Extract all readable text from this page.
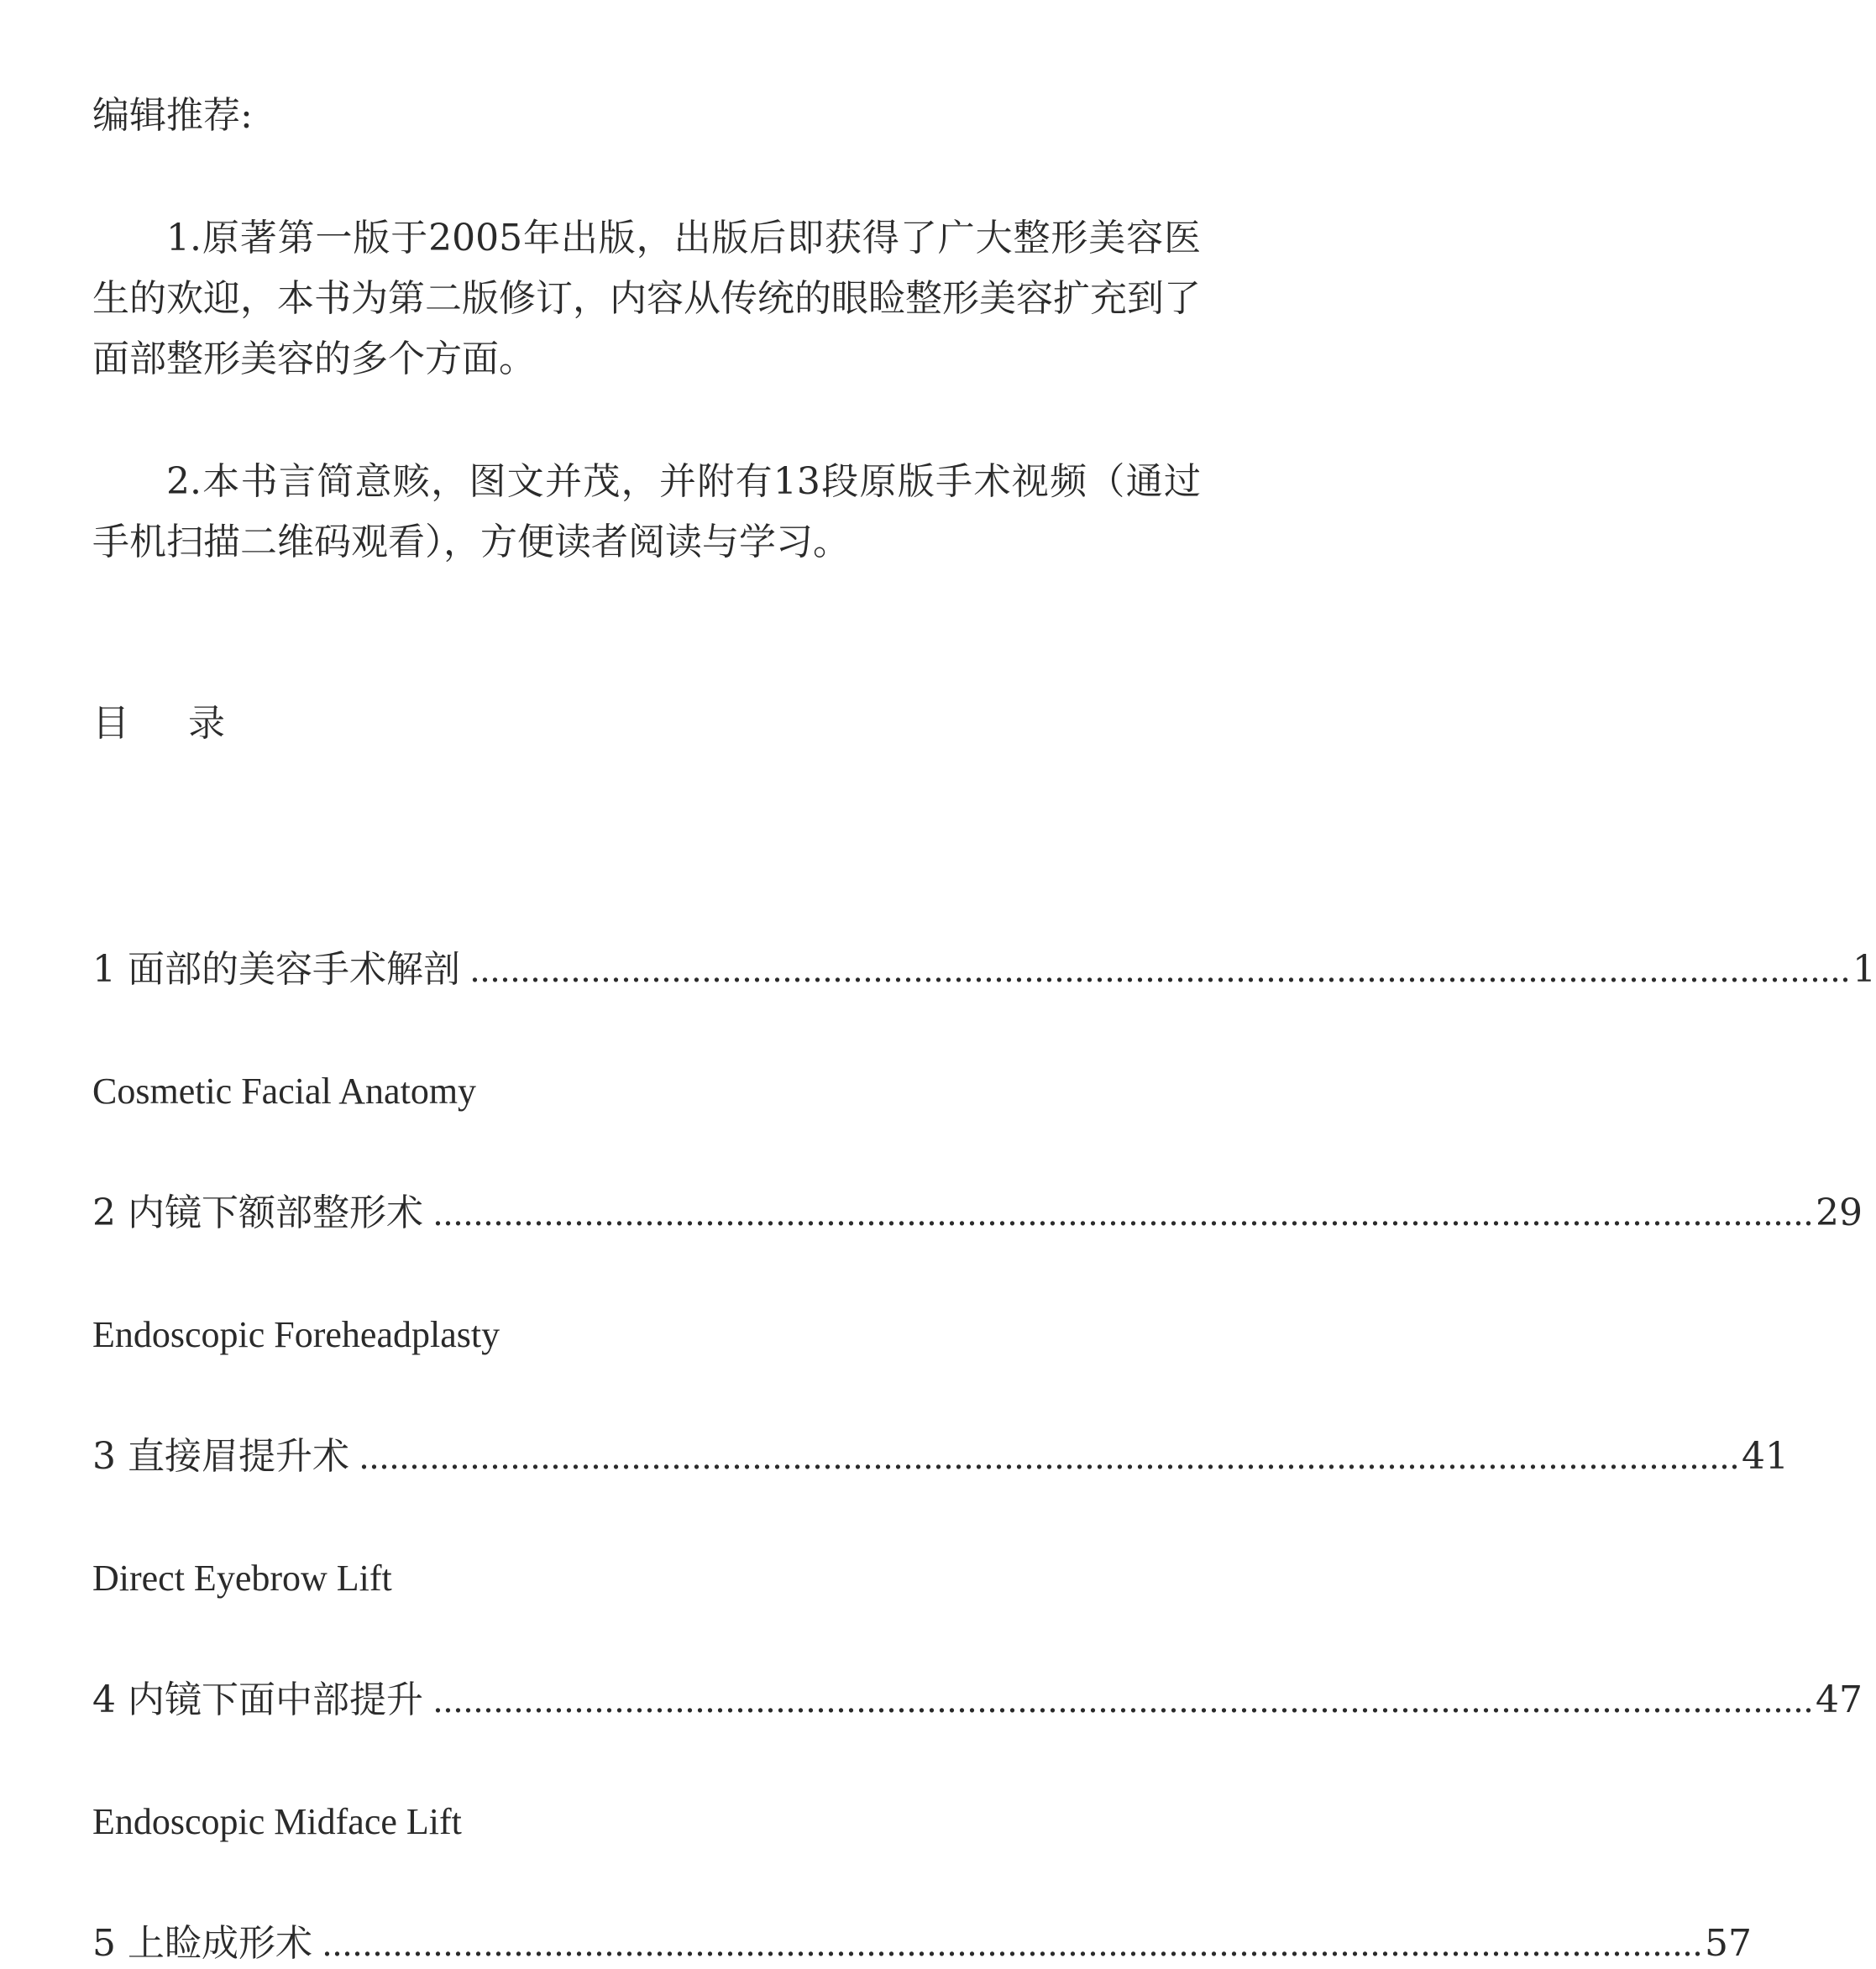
编辑推荐:
1.原著第一版于2005年出版，出版后即获得了广大整形美容医生的欢迎，本书为第二版修订，内容从传统的眼睑整形美容扩充到了面部整形美容的多个方面。
2.本书言简意赅，图文并茂，并附有13段原版手术视频（通过手机扫描二维码观看），方便读者阅读与学习。
目 录
1 面部的美容手术解剖 ......................................................................................................................................... 1
Cosmetic Facial Anatomy
2 内镜下额部整形术 ......................................................................................................................................... 29
Endoscopic Foreheadplasty
3 直接眉提升术 ......................................................................................................................................... 41
Direct Eyebrow Lift
4 内镜下面中部提升 ......................................................................................................................................... 47
Endoscopic Midface Lift
5 上睑成形术 ......................................................................................................................................... 57
